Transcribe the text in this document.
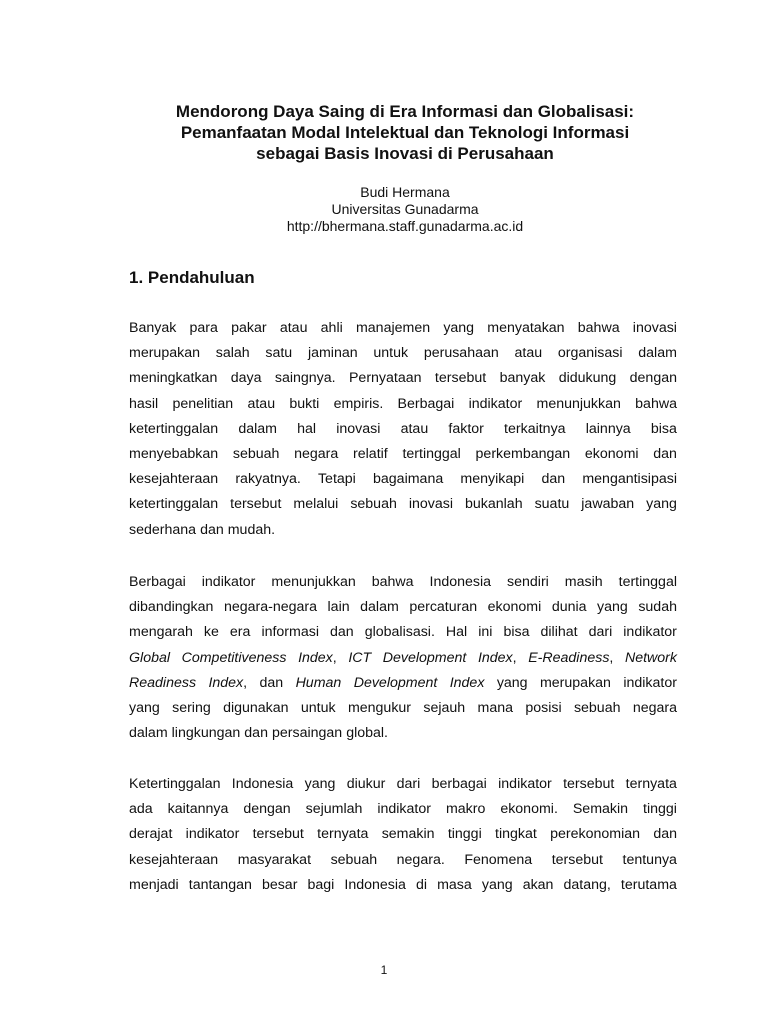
Mendorong Daya Saing di Era Informasi dan Globalisasi:
Pemanfaatan Modal Intelektual dan Teknologi Informasi
sebagai Basis Inovasi di Perusahaan
Budi Hermana
Universitas Gunadarma
http://bhermana.staff.gunadarma.ac.id
1. Pendahuluan
Banyak para pakar atau ahli manajemen yang menyatakan bahwa inovasi
merupakan salah satu jaminan untuk perusahaan atau organisasi dalam
meningkatkan daya saingnya. Pernyataan tersebut banyak didukung dengan
hasil penelitian atau bukti empiris. Berbagai indikator menunjukkan bahwa
ketertinggalan dalam hal inovasi atau faktor terkaitnya lainnya bisa
menyebabkan sebuah negara relatif tertinggal perkembangan ekonomi dan
kesejahteraan rakyatnya. Tetapi bagaimana menyikapi dan mengantisipasi
ketertinggalan tersebut melalui sebuah inovasi bukanlah suatu jawaban yang
sederhana dan mudah.
Berbagai indikator menunjukkan bahwa Indonesia sendiri masih tertinggal
dibandingkan negara-negara lain dalam percaturan ekonomi dunia yang sudah
mengarah ke era informasi dan globalisasi. Hal ini bisa dilihat dari indikator
Global Competitiveness Index, ICT Development Index, E-Readiness, Network
Readiness Index, dan Human Development Index yang merupakan indikator
yang sering digunakan untuk mengukur sejauh mana posisi sebuah negara
dalam lingkungan dan persaingan global.
Ketertinggalan Indonesia yang diukur dari berbagai indikator tersebut ternyata
ada kaitannya dengan sejumlah indikator makro ekonomi. Semakin tinggi
derajat indikator tersebut ternyata semakin tinggi tingkat perekonomian dan
kesejahteraan masyarakat sebuah negara. Fenomena tersebut tentunya
menjadi tantangan besar bagi Indonesia di masa yang akan datang, terutama
1
